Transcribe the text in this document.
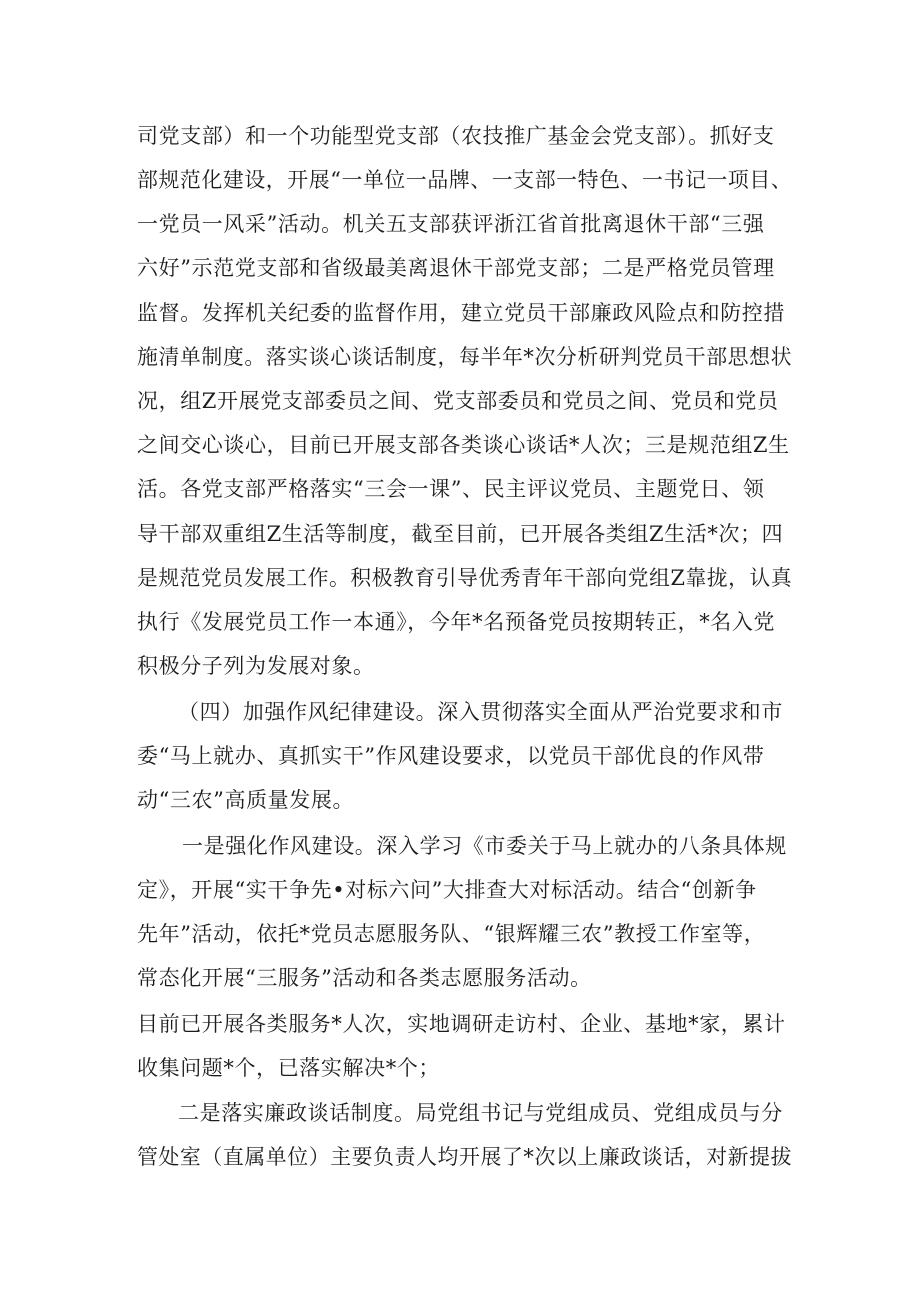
司党支部）和一个功能型党支部（农技推广基金会党支部）。抓好支
部规范化建设，开展“一单位一品牌、一支部一特色、一书记一项目、
一党员一风采”活动。机关五支部获评浙江省首批离退休干部“三强
六好”示范党支部和省级最美离退休干部党支部；二是严格党员管理
监督。发挥机关纪委的监督作用，建立党员干部廉政风险点和防控措
施清单制度。落实谈心谈话制度，每半年*次分析研判党员干部思想状
况，组Z开展党支部委员之间、党支部委员和党员之间、党员和党员
之间交心谈心，目前已开展支部各类谈心谈话*人次；三是规范组Z生
活。各党支部严格落实“三会一课”、民主评议党员、主题党日、领
导干部双重组Z生活等制度，截至目前，已开展各类组Z生活*次；四
是规范党员发展工作。积极教育引导优秀青年干部向党组Z靠拢，认真
执行《发展党员工作一本通》，今年*名预备党员按期转正，*名入党
积极分子列为发展对象。
（四）加强作风纪律建设。深入贯彻落实全面从严治党要求和市
委“马上就办、真抓实干”作风建设要求，以党员干部优良的作风带
动“三农”高质量发展。
一是强化作风建设。深入学习《市委关于马上就办的八条具体规
定》，开展“实干争先•对标六问”大排查大对标活动。结合“创新争
先年”活动，依托*党员志愿服务队、“银辉耀三农”教授工作室等，
常态化开展“三服务”活动和各类志愿服务活动。
目前已开展各类服务*人次，实地调研走访村、企业、基地*家，累计
收集问题*个，已落实解决*个；
二是落实廉政谈话制度。局党组书记与党组成员、党组成员与分
管处室（直属单位）主要负责人均开展了*次以上廉政谈话，对新提拔
